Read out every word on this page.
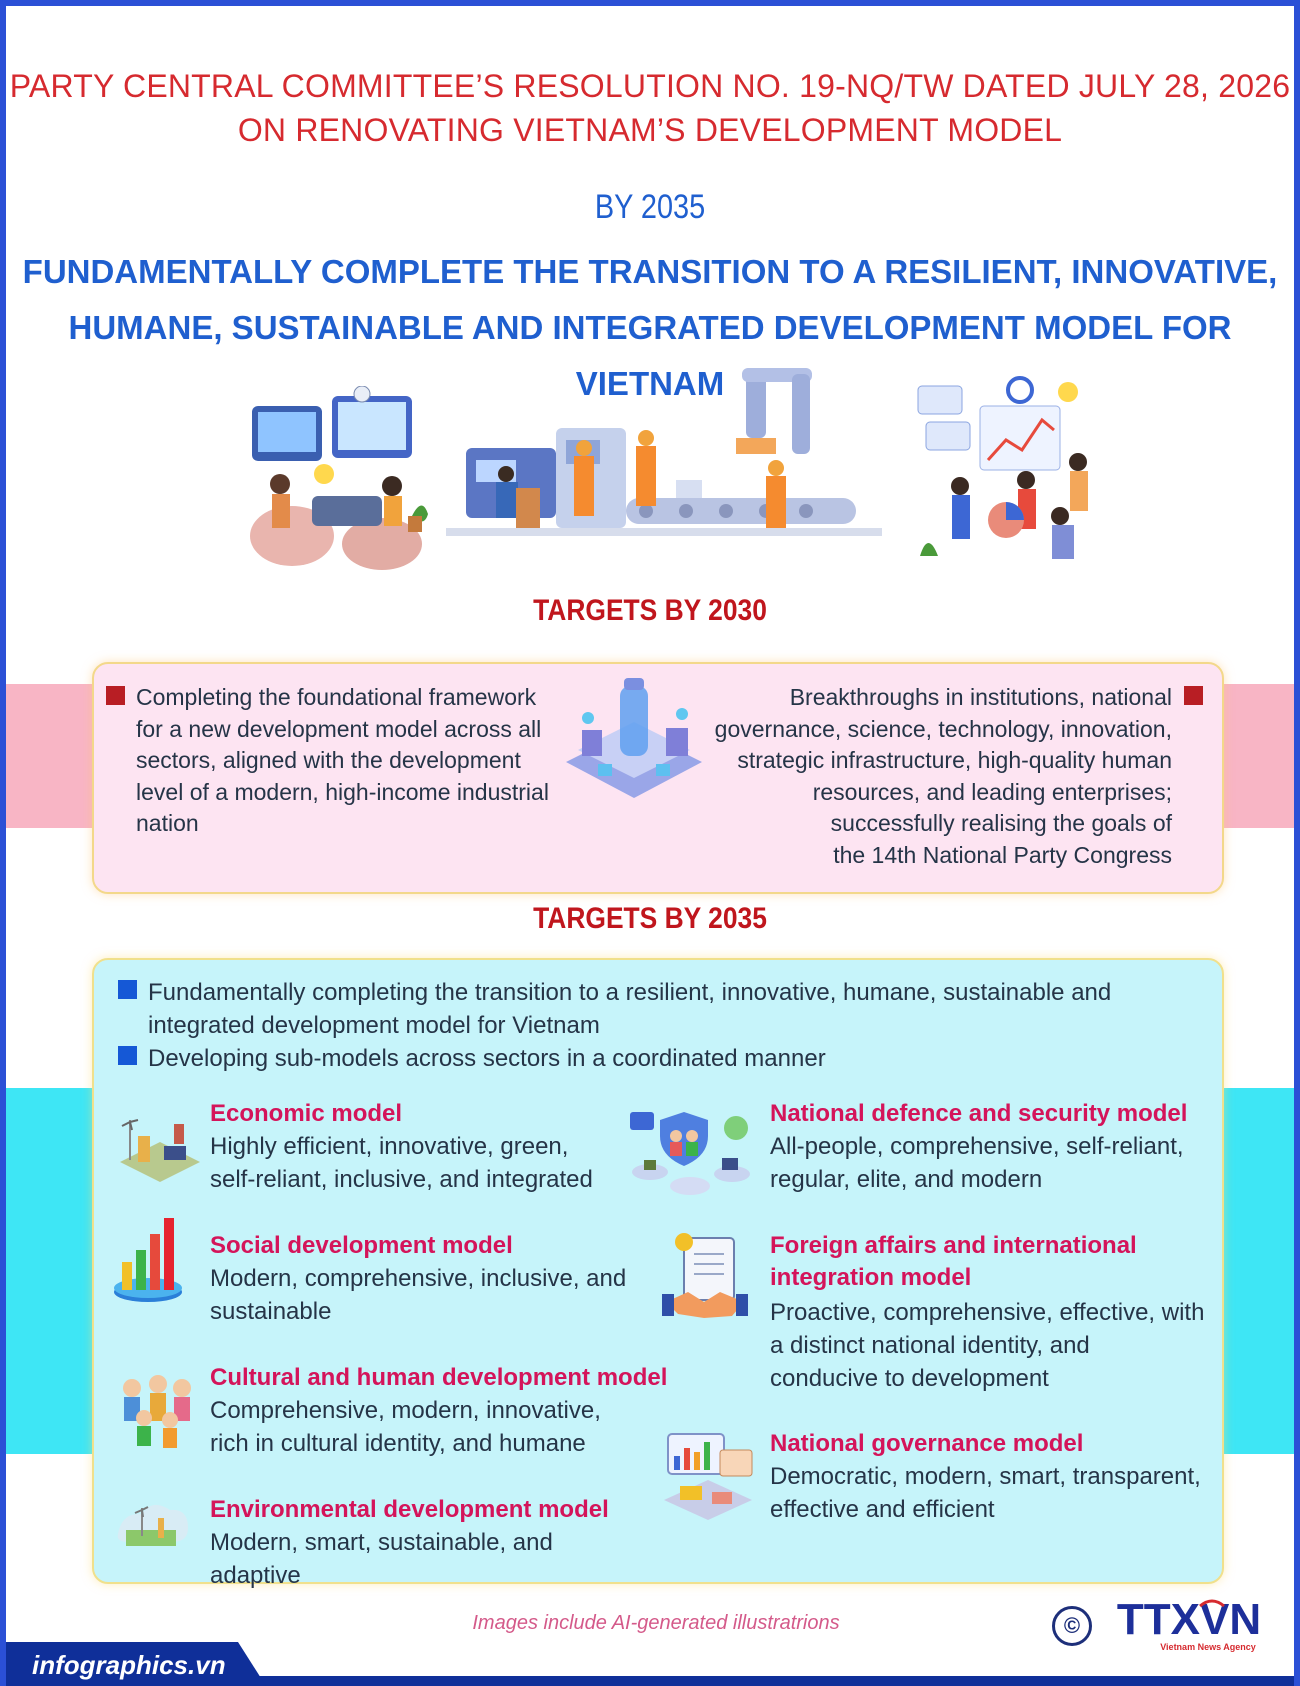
PARTY CENTRAL COMMITTEE’S RESOLUTION NO. 19-NQ/TW DATED JULY 28, 2026
ON RENOVATING VIETNAM’S DEVELOPMENT MODEL
BY 2035
FUNDAMENTALLY COMPLETE THE TRANSITION TO A RESILIENT, INNOVATIVE,
HUMANE, SUSTAINABLE AND INTEGRATED DEVELOPMENT MODEL FOR VIETNAM
TARGETS BY 2030
Completing the foundational framework
for a new development model across all
sectors, aligned with the development
level of a modern, high-income industrial
nation
Breakthroughs in institutions, national
governance, science, technology, innovation,
strategic infrastructure, high-quality human
resources, and leading enterprises;
successfully realising the goals of
the 14th National Party Congress
TARGETS BY 2035
Fundamentally completing the transition to a resilient, innovative, humane, sustainable and
integrated development model for Vietnam
Developing sub-models across sectors in a coordinated manner
Economic model
Highly efficient, innovative, green,
self-reliant, inclusive, and integrated
Social development model
Modern, comprehensive, inclusive, and
sustainable
Cultural and human development model
Comprehensive, modern, innovative,
rich in cultural identity, and humane
Environmental development model
Modern, smart, sustainable, and adaptive
National defence and security model
All-people, comprehensive, self-reliant,
regular, elite, and modern
Foreign affairs and international
integration model
Proactive, comprehensive, effective, with
a distinct national identity, and
conducive to development
National governance model
Democratic, modern, smart, transparent,
effective and efficient
Images include AI-generated illustratrions	© TTXVN
Vietnam News Agency
infographics.vn
